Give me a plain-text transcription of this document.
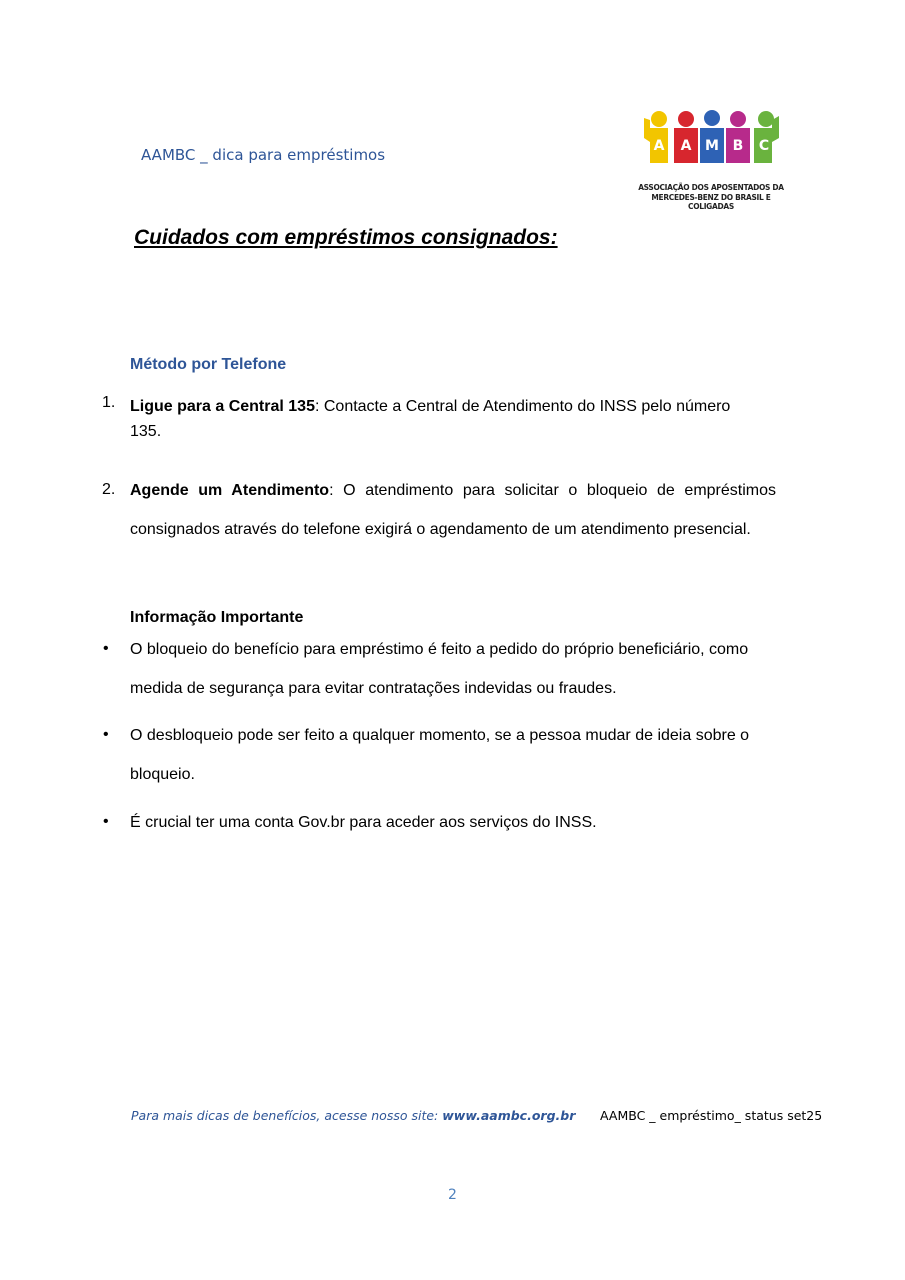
AAMBC _ dica para empréstimos	A A M B C
ASSOCIAÇÃO DOS APOSENTADOS DA
MERCEDES-BENZ DO BRASIL E COLIGADAS
Cuidados com empréstimos consignados:
Método por Telefone
1. Ligue para a Central 135: Contacte a Central de Atendimento do INSS pelo número
135.
2. Agende um Atendimento: O atendimento para solicitar o bloqueio de empréstimos consignados através do telefone exigirá o agendamento de um atendimento presencial.
Informação Importante
• O bloqueio do benefício para empréstimo é feito a pedido do próprio beneficiário, como medida de segurança para evitar contratações indevidas ou fraudes.
• O desbloqueio pode ser feito a qualquer momento, se a pessoa mudar de ideia sobre o bloqueio.
• É crucial ter uma conta Gov.br para aceder aos serviços do INSS.
Para mais dicas de benefícios, acesse nosso site: www.aambc.org.br AAMBC _ empréstimo_ status set25
2
